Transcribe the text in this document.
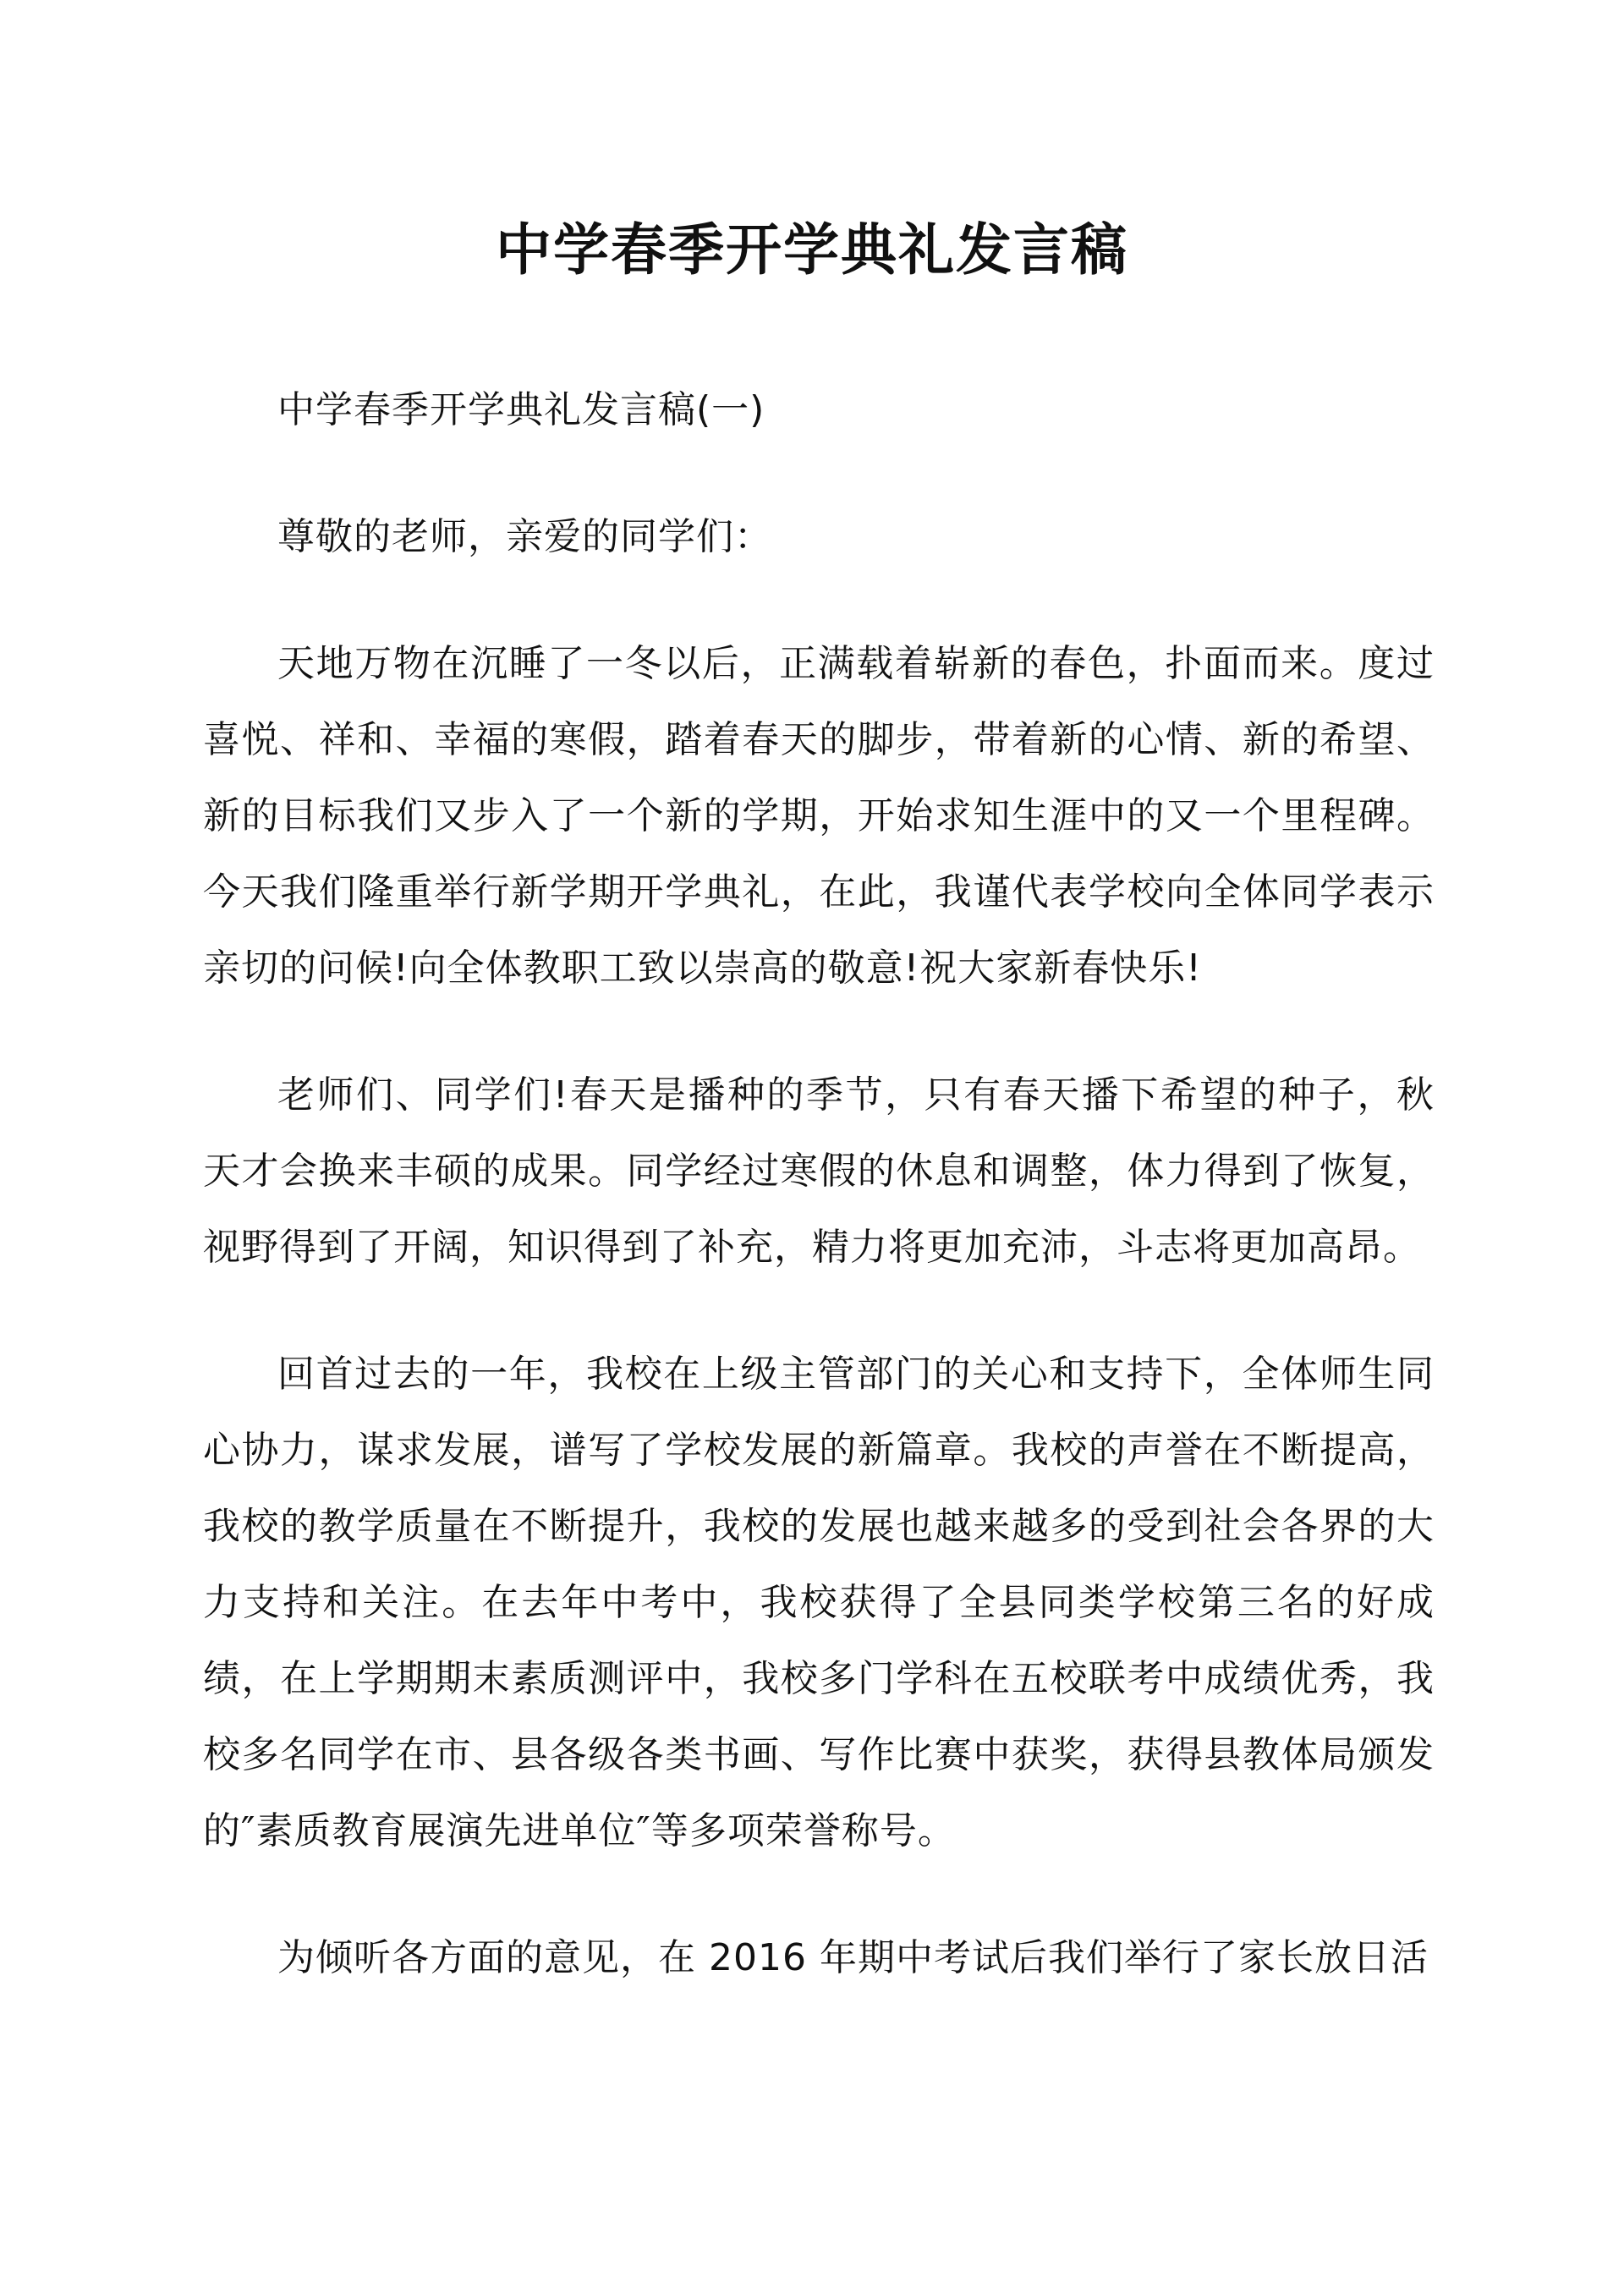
中学春季开学典礼发言稿

中学春季开学典礼发言稿(一)

尊敬的老师，亲爱的同学们：

天地万物在沉睡了一冬以后，正满载着崭新的春色，扑面而来。度过喜悦、祥和、幸福的寒假，踏着春天的脚步，带着新的心情、新的希望、新的目标我们又步入了一个新的学期，开始求知生涯中的又一个里程碑。今天我们隆重举行新学期开学典礼，在此，我谨代表学校向全体同学表示亲切的问候!向全体教职工致以崇高的敬意!祝大家新春快乐!

老师们、同学们!春天是播种的季节，只有春天播下希望的种子，秋天才会换来丰硕的成果。同学经过寒假的休息和调整，体力得到了恢复，视野得到了开阔，知识得到了补充，精力将更加充沛，斗志将更加高昂。

回首过去的一年，我校在上级主管部门的关心和支持下，全体师生同心协力，谋求发展，谱写了学校发展的新篇章。我校的声誉在不断提高，我校的教学质量在不断提升，我校的发展也越来越多的受到社会各界的大力支持和关注。在去年中考中，我校获得了全县同类学校第三名的好成绩，在上学期期末素质测评中，我校多门学科在五校联考中成绩优秀，我校多名同学在市、县各级各类书画、写作比赛中获奖，获得县教体局颁发的″素质教育展演先进单位″等多项荣誉称号。

为倾听各方面的意见，在 2016 年期中考试后我们举行了家长放日活
